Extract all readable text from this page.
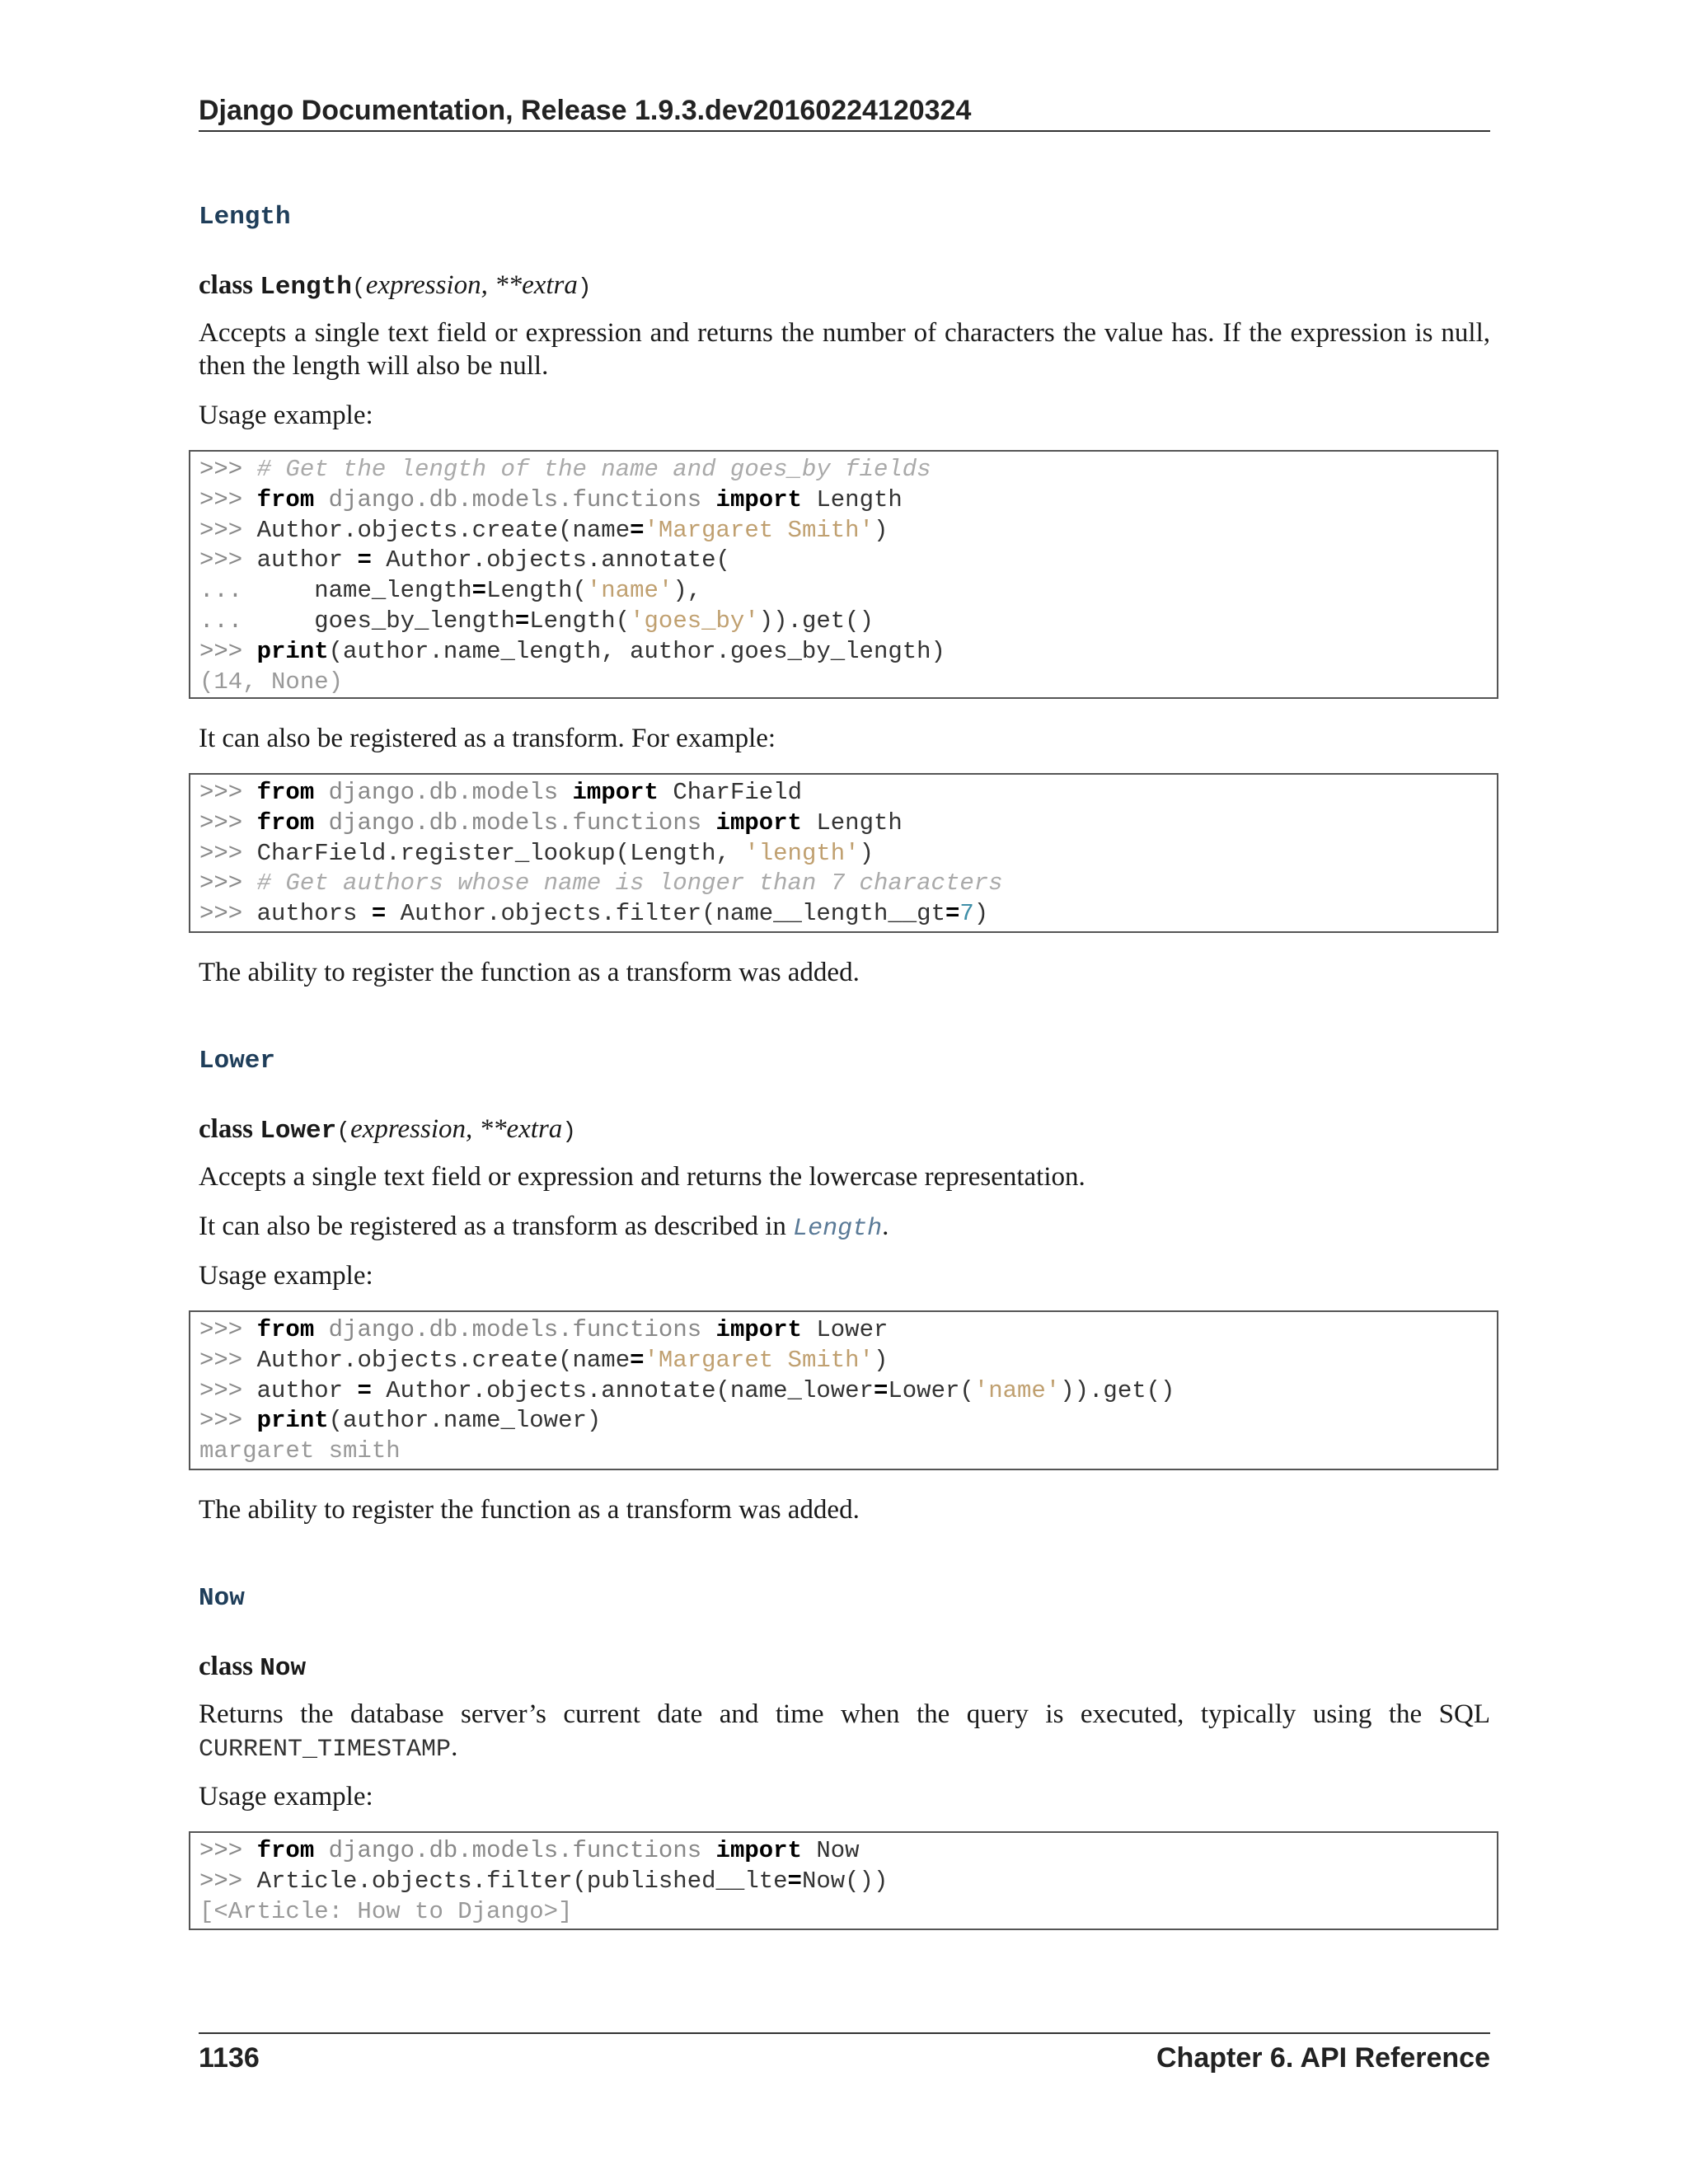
Django Documentation, Release 1.9.3.dev20160224120324
Length

class Length(expression, **extra)

Accepts a single text field or expression and returns the number of characters the value has. If the expression is null, then the length will also be null.

Usage example:

>>> # Get the length of the name and goes_by fields
>>> from django.db.models.functions import Length
>>> Author.objects.create(name='Margaret Smith')
>>> author = Author.objects.annotate(
...     name_length=Length('name'),
...     goes_by_length=Length('goes_by')).get()
>>> print(author.name_length, author.goes_by_length)
(14, None)

It can also be registered as a transform. For example:

>>> from django.db.models import CharField
>>> from django.db.models.functions import Length
>>> CharField.register_lookup(Length, 'length')
>>> # Get authors whose name is longer than 7 characters
>>> authors = Author.objects.filter(name__length__gt=7)

The ability to register the function as a transform was added.

Lower

class Lower(expression, **extra)

Accepts a single text field or expression and returns the lowercase representation.

It can also be registered as a transform as described in Length.

Usage example:

>>> from django.db.models.functions import Lower
>>> Author.objects.create(name='Margaret Smith')
>>> author = Author.objects.annotate(name_lower=Lower('name')).get()
>>> print(author.name_lower)
margaret smith

The ability to register the function as a transform was added.

Now

class Now

Returns the database server’s current date and time when the query is executed, typically using the SQL CURRENT_TIMESTAMP.

Usage example:

>>> from django.db.models.functions import Now
>>> Article.objects.filter(published__lte=Now())
[<Article: How to Django>]

1136	Chapter 6. API Reference
